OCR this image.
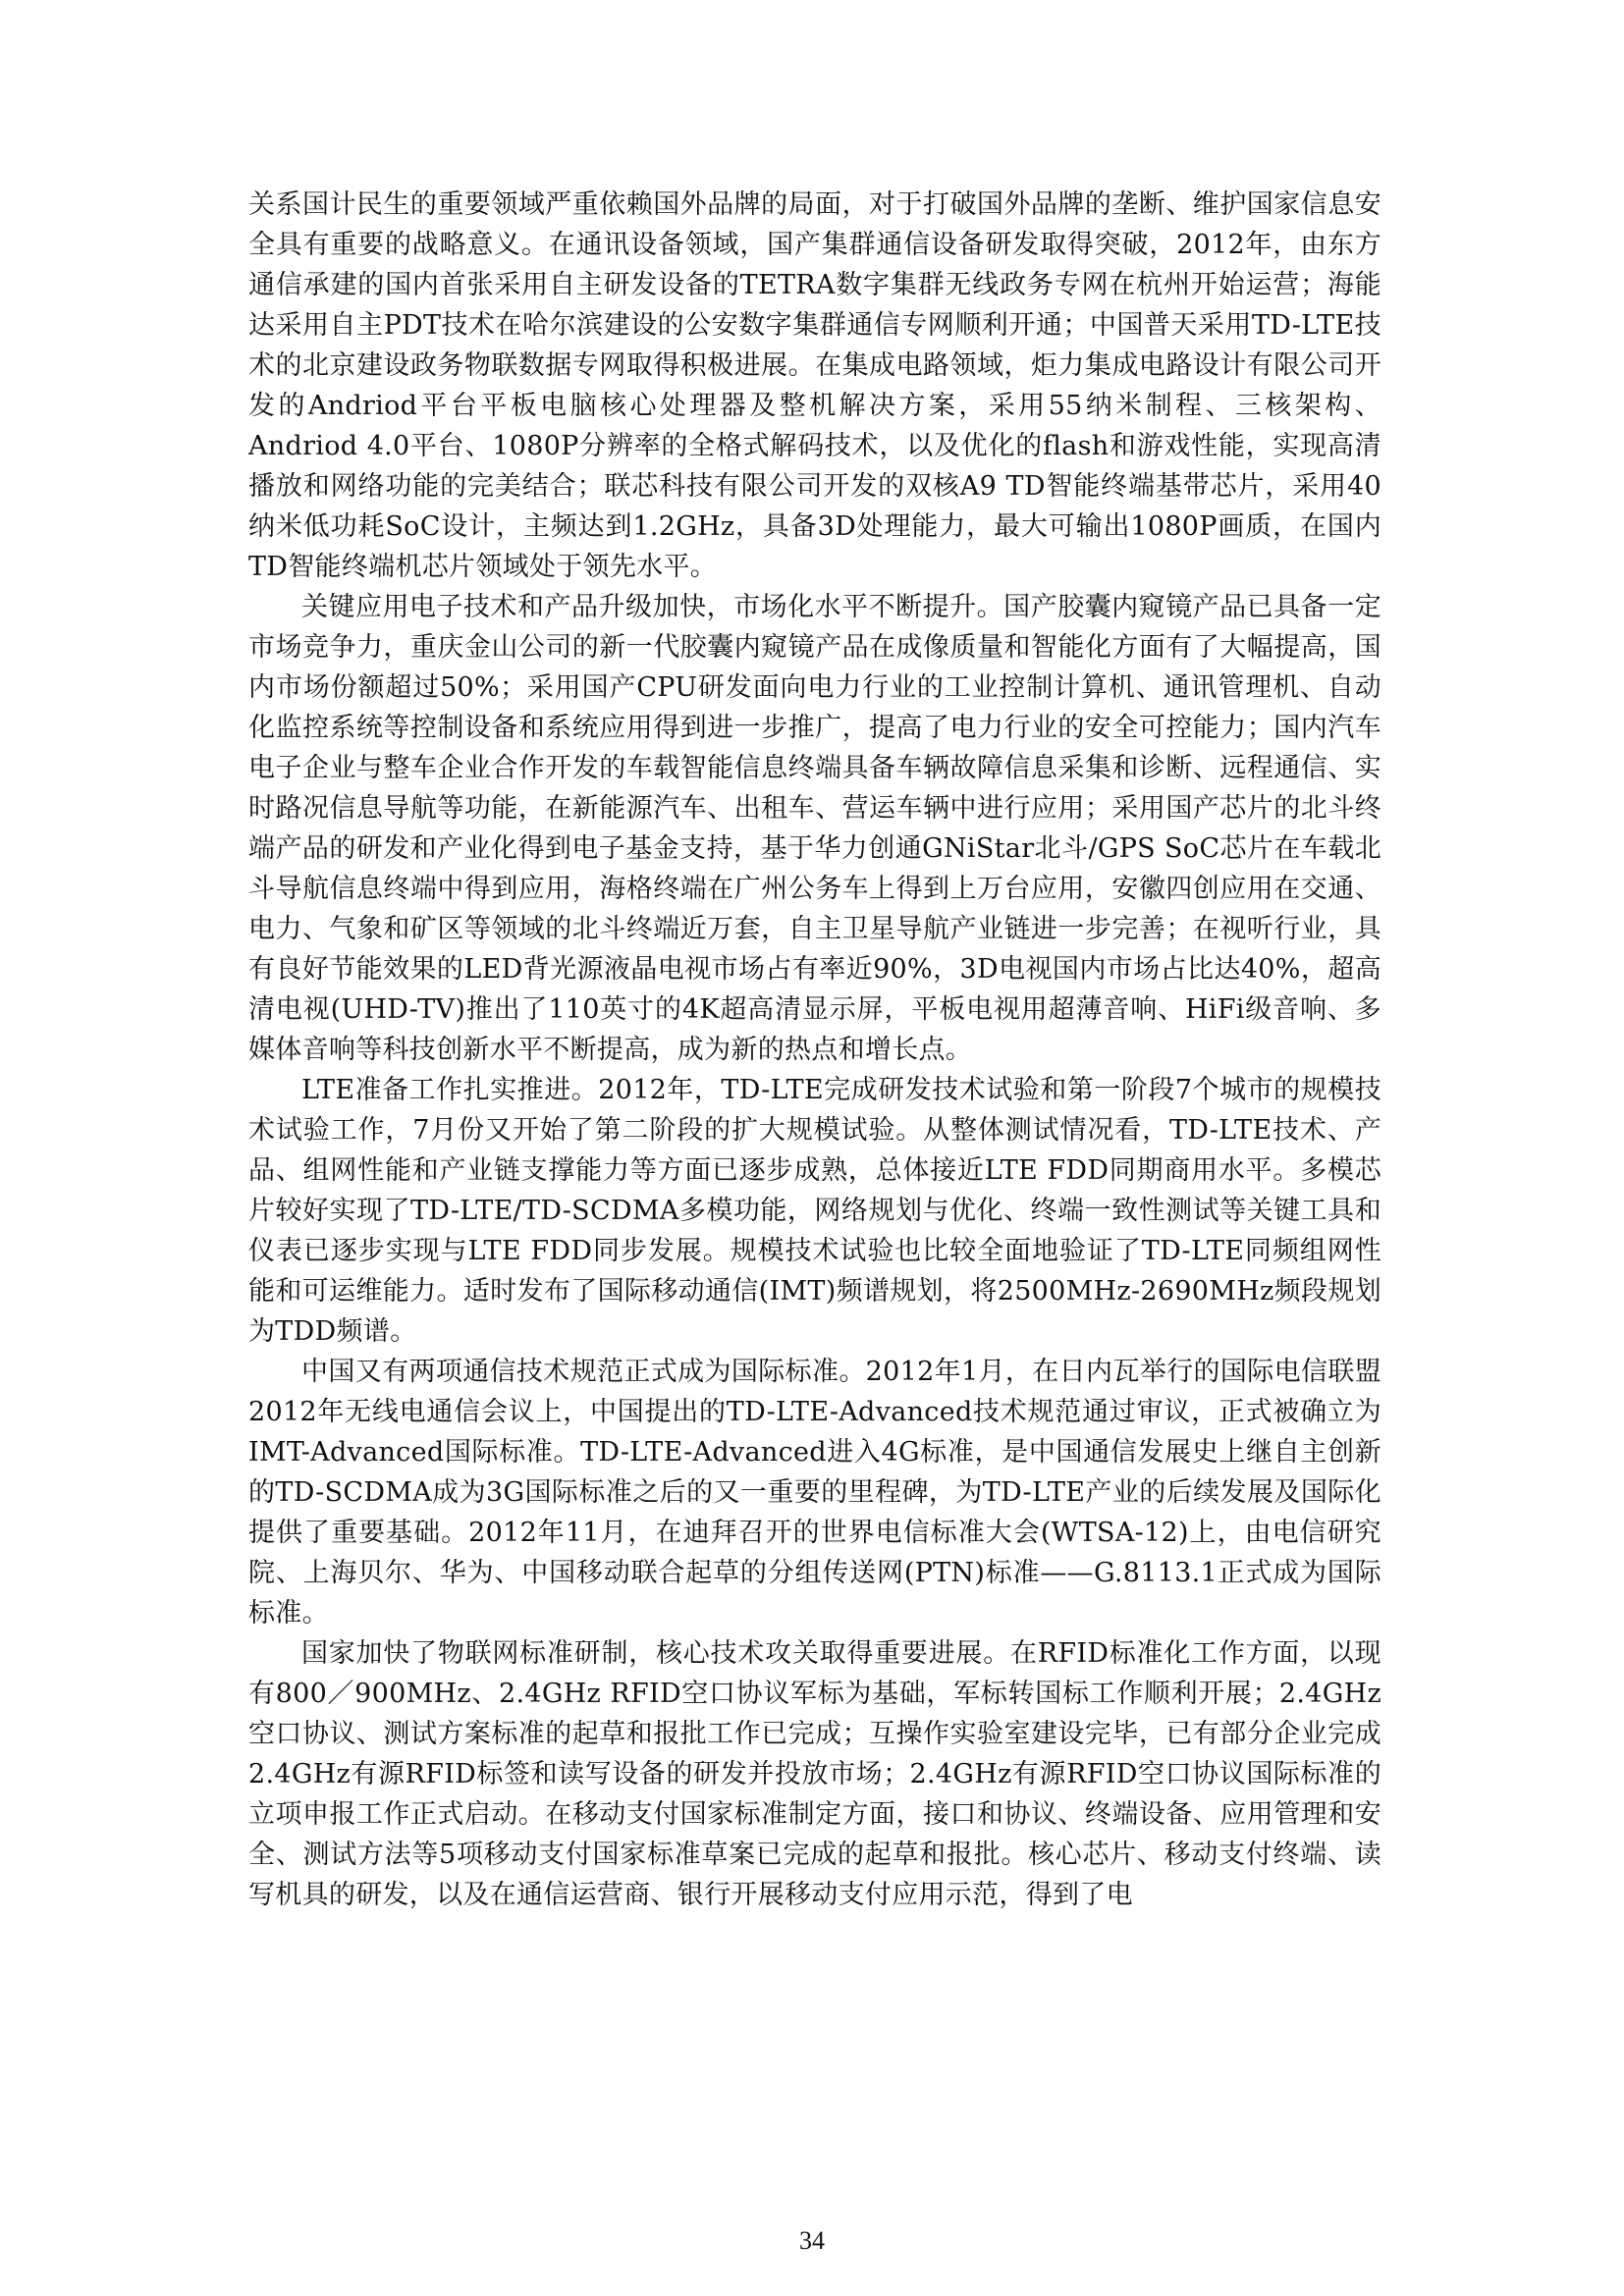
关系国计民生的重要领域严重依赖国外品牌的局面，对于打破国外品牌的垄断、维护国家信息安全具有重要的战略意义。在通讯设备领域，国产集群通信设备研发取得突破，2012年，由东方通信承建的国内首张采用自主研发设备的TETRA数字集群无线政务专网在杭州开始运营；海能达采用自主PDT技术在哈尔滨建设的公安数字集群通信专网顺利开通；中国普天采用TD-LTE技术的北京建设政务物联数据专网取得积极进展。在集成电路领域，炬力集成电路设计有限公司开发的Andriod平台平板电脑核心处理器及整机解决方案，采用55纳米制程、三核架构、Andriod 4.0平台、1080P分辨率的全格式解码技术，以及优化的flash和游戏性能，实现高清播放和网络功能的完美结合；联芯科技有限公司开发的双核A9 TD智能终端基带芯片，采用40纳米低功耗SoC设计，主频达到1.2GHz，具备3D处理能力，最大可输出1080P画质，在国内TD智能终端机芯片领域处于领先水平。

关键应用电子技术和产品升级加快，市场化水平不断提升。国产胶囊内窥镜产品已具备一定市场竞争力，重庆金山公司的新一代胶囊内窥镜产品在成像质量和智能化方面有了大幅提高，国内市场份额超过50%；采用国产CPU研发面向电力行业的工业控制计算机、通讯管理机、自动化监控系统等控制设备和系统应用得到进一步推广，提高了电力行业的安全可控能力；国内汽车电子企业与整车企业合作开发的车载智能信息终端具备车辆故障信息采集和诊断、远程通信、实时路况信息导航等功能，在新能源汽车、出租车、营运车辆中进行应用；采用国产芯片的北斗终端产品的研发和产业化得到电子基金支持，基于华力创通GNiStar北斗/GPS SoC芯片在车载北斗导航信息终端中得到应用，海格终端在广州公务车上得到上万台应用，安徽四创应用在交通、电力、气象和矿区等领域的北斗终端近万套，自主卫星导航产业链进一步完善；在视听行业，具有良好节能效果的LED背光源液晶电视市场占有率近90%，3D电视国内市场占比达40%，超高清电视(UHD-TV)推出了110英寸的4K超高清显示屏，平板电视用超薄音响、HiFi级音响、多媒体音响等科技创新水平不断提高，成为新的热点和增长点。

LTE准备工作扎实推进。2012年，TD-LTE完成研发技术试验和第一阶段7个城市的规模技术试验工作，7月份又开始了第二阶段的扩大规模试验。从整体测试情况看，TD-LTE技术、产品、组网性能和产业链支撑能力等方面已逐步成熟，总体接近LTE FDD同期商用水平。多模芯片较好实现了TD-LTE/TD-SCDMA多模功能，网络规划与优化、终端一致性测试等关键工具和仪表已逐步实现与LTE FDD同步发展。规模技术试验也比较全面地验证了TD-LTE同频组网性能和可运维能力。适时发布了国际移动通信(IMT)频谱规划，将2500MHz-2690MHz频段规划为TDD频谱。

中国又有两项通信技术规范正式成为国际标准。2012年1月，在日内瓦举行的国际电信联盟2012年无线电通信会议上，中国提出的TD-LTE-Advanced技术规范通过审议，正式被确立为IMT-Advanced国际标准。TD-LTE-Advanced进入4G标准，是中国通信发展史上继自主创新的TD-SCDMA成为3G国际标准之后的又一重要的里程碑，为TD-LTE产业的后续发展及国际化提供了重要基础。2012年11月，在迪拜召开的世界电信标准大会(WTSA-12)上，由电信研究院、上海贝尔、华为、中国移动联合起草的分组传送网(PTN)标准——G.8113.1正式成为国际标准。

国家加快了物联网标准研制，核心技术攻关取得重要进展。在RFID标准化工作方面，以现有800／900MHz、2.4GHz RFID空口协议军标为基础，军标转国标工作顺利开展；2.4GHz空口协议、测试方案标准的起草和报批工作已完成；互操作实验室建设完毕，已有部分企业完成2.4GHz有源RFID标签和读写设备的研发并投放市场；2.4GHz有源RFID空口协议国际标准的立项申报工作正式启动。在移动支付国家标准制定方面，接口和协议、终端设备、应用管理和安全、测试方法等5项移动支付国家标准草案已完成的起草和报批。核心芯片、移动支付终端、读写机具的研发，以及在通信运营商、银行开展移动支付应用示范，得到了电

34
